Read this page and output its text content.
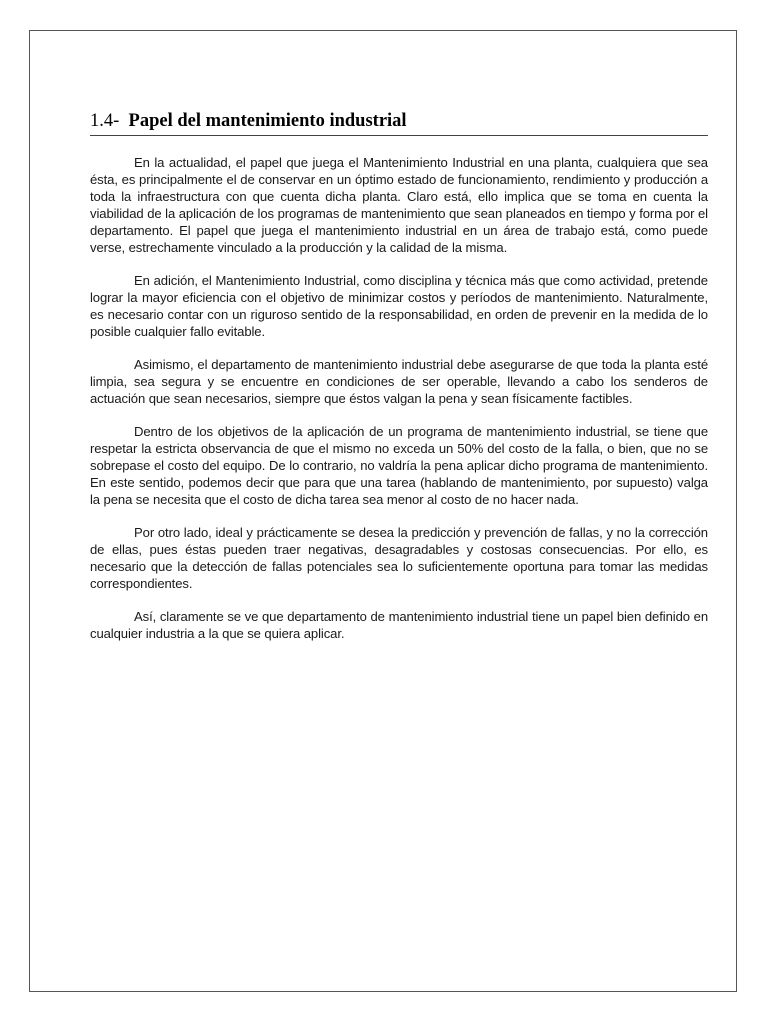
1.4- Papel del mantenimiento industrial

En la actualidad, el papel que juega el Mantenimiento Industrial en una planta, cualquiera que sea ésta, es principalmente el de conservar en un óptimo estado de funcionamiento, rendimiento y producción a toda la infraestructura con que cuenta dicha planta. Claro está, ello implica que se toma en cuenta la viabilidad de la aplicación de los programas de mantenimiento que sean planeados en tiempo y forma por el departamento. El papel que juega el mantenimiento industrial en un área de trabajo está, como puede verse, estrechamente vinculado a la producción y la calidad de la misma.

En adición, el Mantenimiento Industrial, como disciplina y técnica más que como actividad, pretende lograr la mayor eficiencia con el objetivo de minimizar costos y períodos de mantenimiento. Naturalmente, es necesario contar con un riguroso sentido de la responsabilidad, en orden de prevenir en la medida de lo posible cualquier fallo evitable.

Asimismo, el departamento de mantenimiento industrial debe asegurarse de que toda la planta esté limpia, sea segura y se encuentre en condiciones de ser operable, llevando a cabo los senderos de actuación que sean necesarios, siempre que éstos valgan la pena y sean físicamente factibles.

Dentro de los objetivos de la aplicación de un programa de mantenimiento industrial, se tiene que respetar la estricta observancia de que el mismo no exceda un 50% del costo de la falla, o bien, que no se sobrepase el costo del equipo. De lo contrario, no valdría la pena aplicar dicho programa de mantenimiento. En este sentido, podemos decir que para que una tarea (hablando de mantenimiento, por supuesto) valga la pena se necesita que el costo de dicha tarea sea menor al costo de no hacer nada.

Por otro lado, ideal y prácticamente se desea la predicción y prevención de fallas, y no la corrección de ellas, pues éstas pueden traer negativas, desagradables y costosas consecuencias. Por ello, es necesario que la detección de fallas potenciales sea lo suficientemente oportuna para tomar las medidas correspondientes.

Así, claramente se ve que departamento de mantenimiento industrial tiene un papel bien definido en cualquier industria a la que se quiera aplicar.
